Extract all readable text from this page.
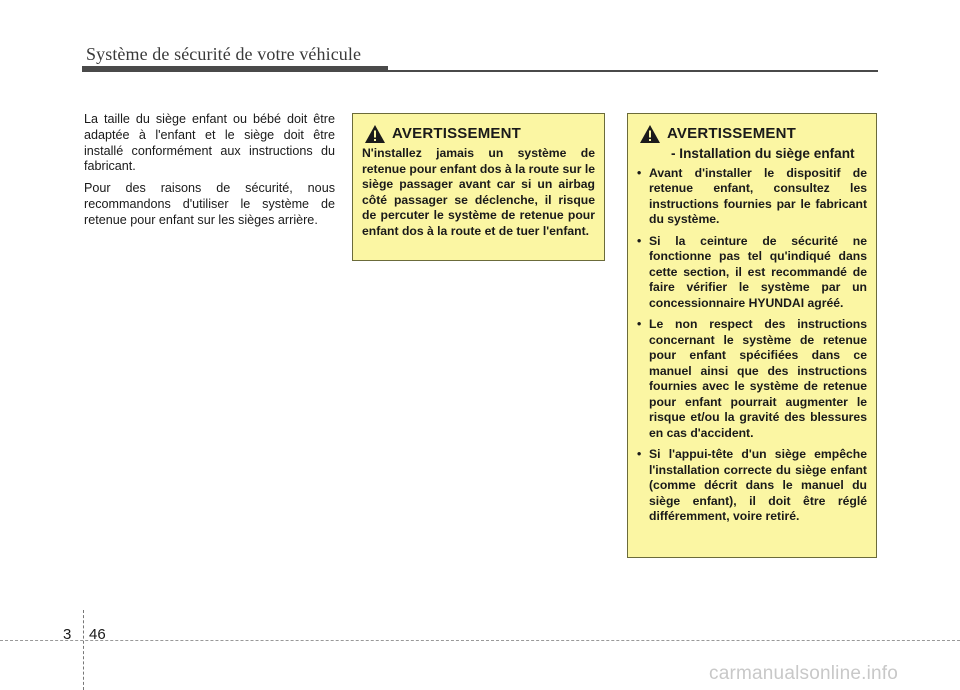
Système de sécurité de votre véhicule

La taille du siège enfant ou bébé doit être adaptée à l'enfant et le siège doit être installé conformément aux instructions du fabricant.

Pour des raisons de sécurité, nous recommandons d'utiliser le système de retenue pour enfant sur les sièges arrière.

AVERTISSEMENT
N'installez jamais un système de retenue pour enfant dos à la route sur le siège passager avant car si un airbag côté passager se déclenche, il risque de percuter le système de retenue pour enfant dos à la route et de tuer l'enfant.
AVERTISSEMENT
- Installation du siège enfant
• Avant d'installer le dispositif de retenue enfant, consultez les instructions fournies par le fabricant du système.
• Si la ceinture de sécurité ne fonctionne pas tel qu'indiqué dans cette section, il est recommandé de faire vérifier le système par un concessionnaire HYUNDAI agréé.
• Le non respect des instructions concernant le système de retenue pour enfant spécifiées dans ce manuel ainsi que des instructions fournies avec le système de retenue pour enfant pourrait augmenter le risque et/ou la gravité des blessures en cas d'accident.
• Si l'appui-tête d'un siège empêche l'installation correcte du siège enfant (comme décrit dans le manuel du siège enfant), il doit être réglé différemment, voire retiré.
3 46
carmanualsonline.info
